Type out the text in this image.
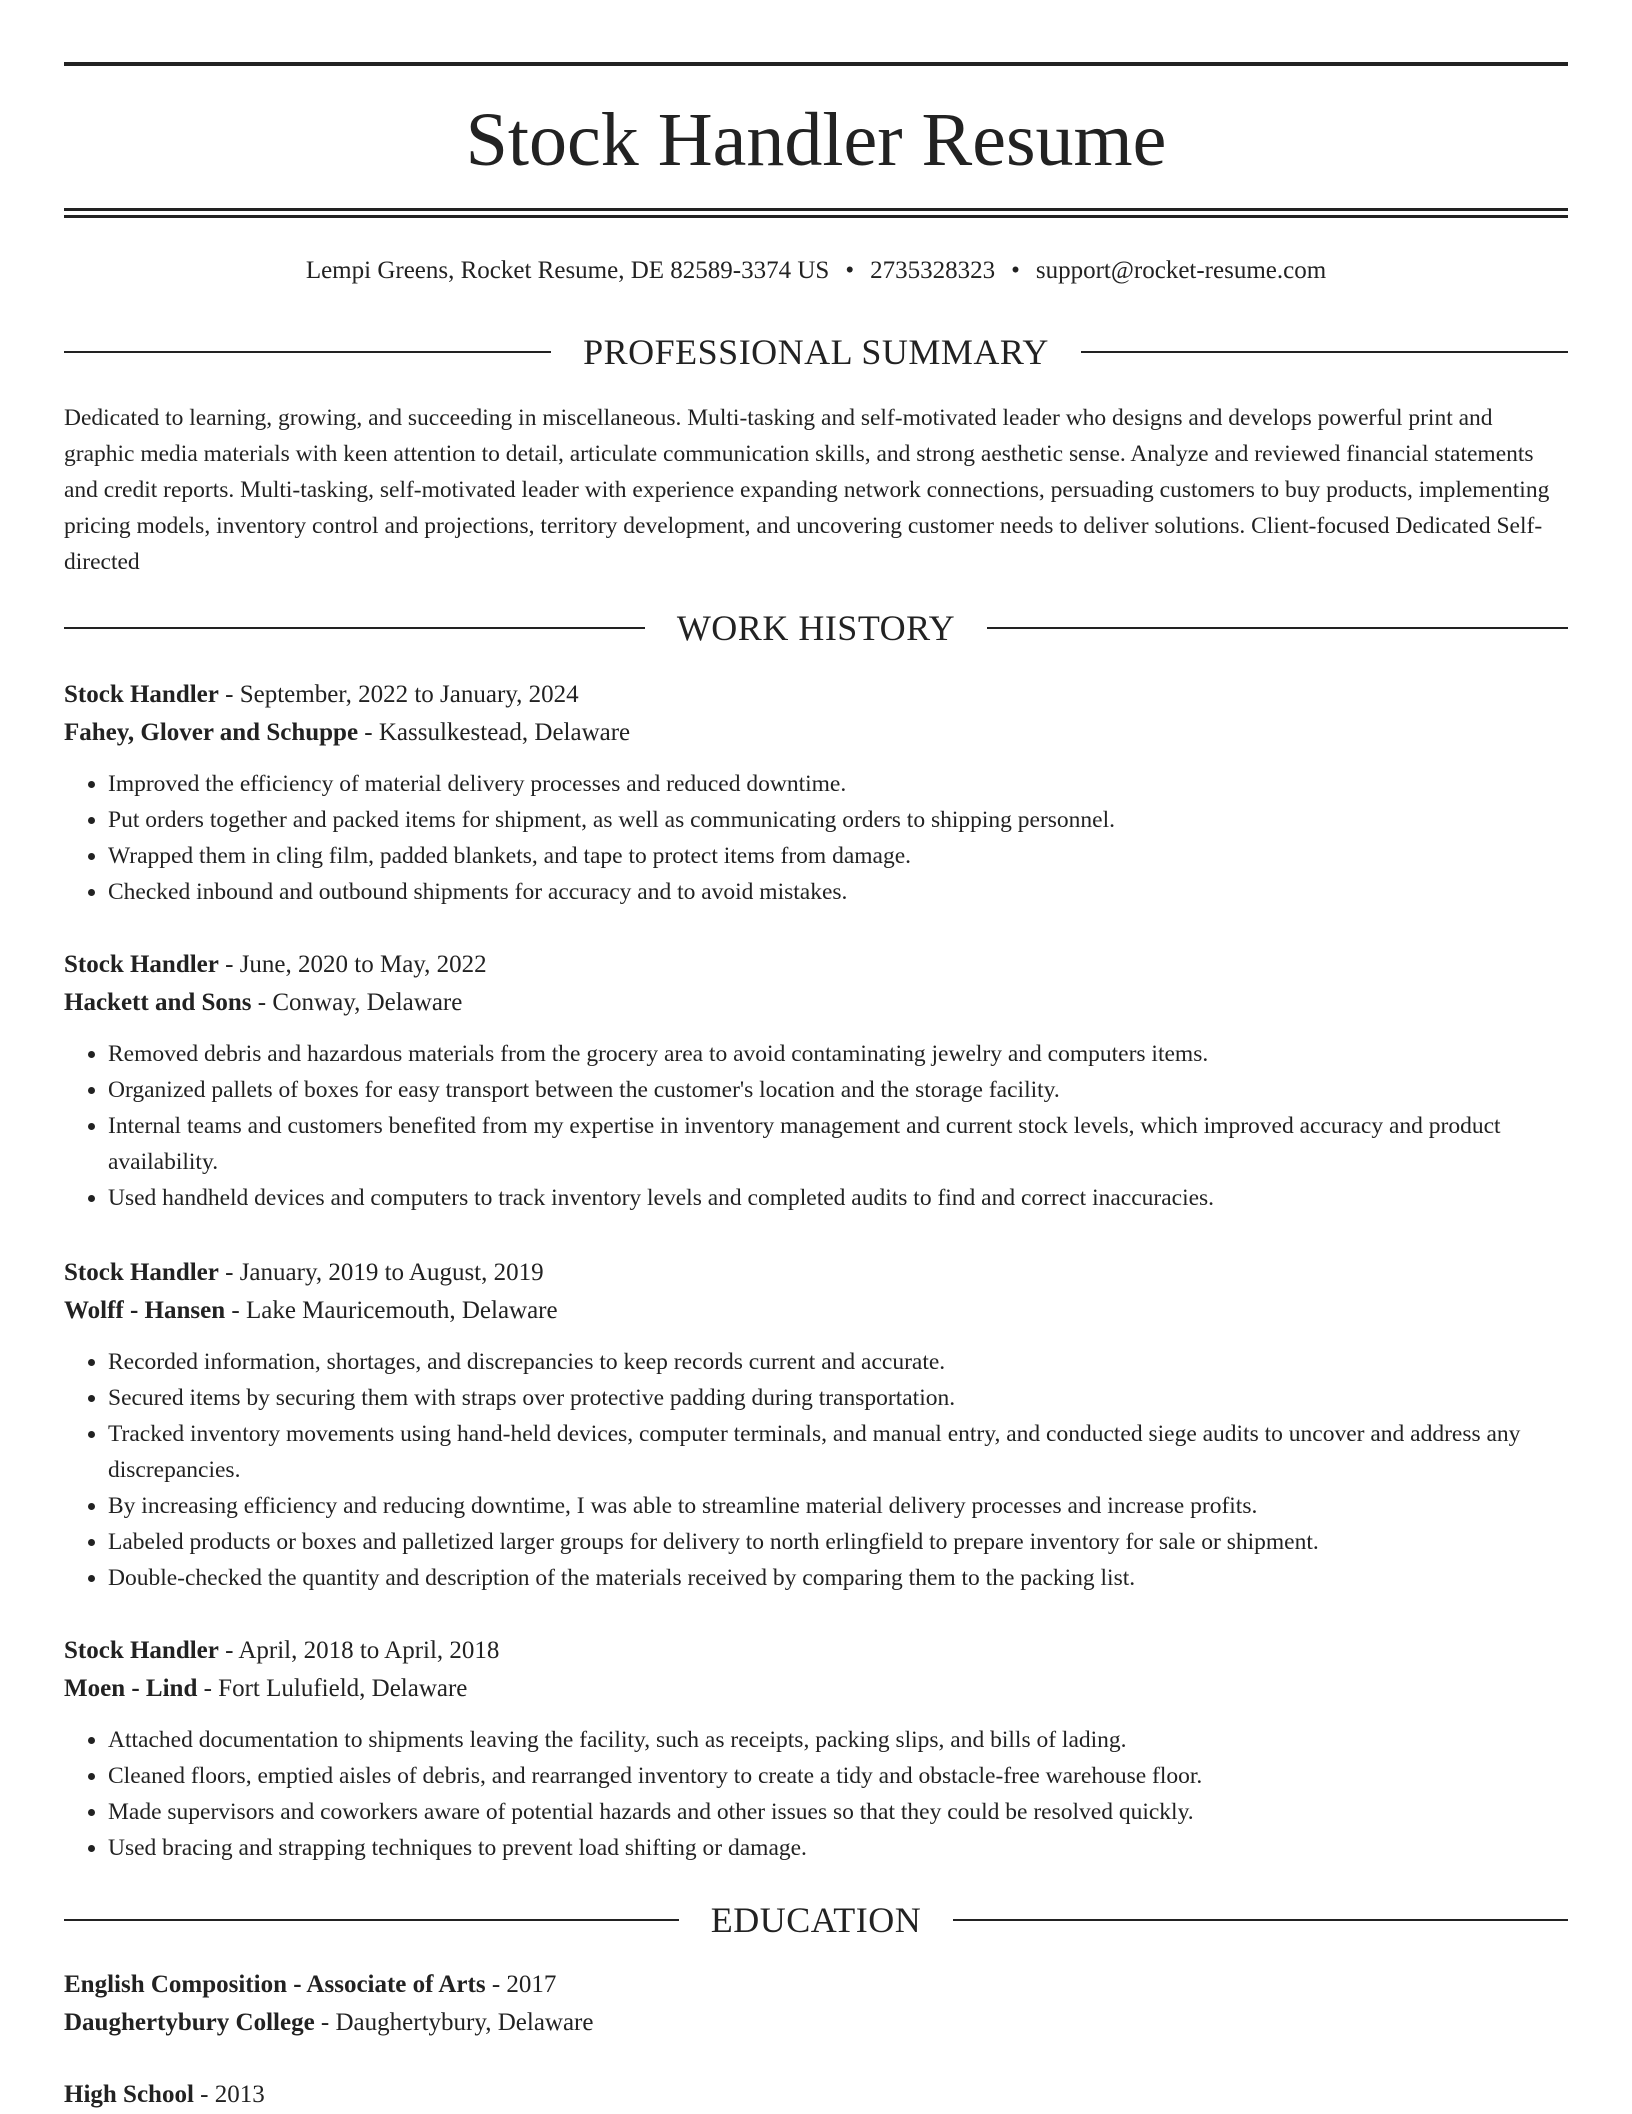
Stock Handler Resume
Lempi Greens, Rocket Resume, DE 82589-3374 US • 2735328323 • support@rocket-resume.com
PROFESSIONAL SUMMARY

Dedicated to learning, growing, and succeeding in miscellaneous. Multi-tasking and self-motivated leader who designs and develops powerful print and graphic media materials with keen attention to detail, articulate communication skills, and strong aesthetic sense. Analyze and reviewed financial statements and credit reports. Multi-tasking, self-motivated leader with experience expanding network connections, persuading customers to buy products, implementing pricing models, inventory control and projections, territory development, and uncovering customer needs to deliver solutions. Client-focused Dedicated Self-directed

WORK HISTORY

Stock Handler - September, 2022 to January, 2024

Fahey, Glover and Schuppe - Kassulkestead, Delaware

• Improved the efficiency of material delivery processes and reduced downtime.
• Put orders together and packed items for shipment, as well as communicating orders to shipping personnel.
• Wrapped them in cling film, padded blankets, and tape to protect items from damage.
• Checked inbound and outbound shipments for accuracy and to avoid mistakes.

Stock Handler - June, 2020 to May, 2022

Hackett and Sons - Conway, Delaware

• Removed debris and hazardous materials from the grocery area to avoid contaminating jewelry and computers items.
• Organized pallets of boxes for easy transport between the customer's location and the storage facility.
• Internal teams and customers benefited from my expertise in inventory management and current stock levels, which improved accuracy and product availability.
• Used handheld devices and computers to track inventory levels and completed audits to find and correct inaccuracies.

Stock Handler - January, 2019 to August, 2019

Wolff - Hansen - Lake Mauricemouth, Delaware

• Recorded information, shortages, and discrepancies to keep records current and accurate.
• Secured items by securing them with straps over protective padding during transportation.
• Tracked inventory movements using hand-held devices, computer terminals, and manual entry, and conducted siege audits to uncover and address any discrepancies.
• By increasing efficiency and reducing downtime, I was able to streamline material delivery processes and increase profits.
• Labeled products or boxes and palletized larger groups for delivery to north erlingfield to prepare inventory for sale or shipment.
• Double-checked the quantity and description of the materials received by comparing them to the packing list.

Stock Handler - April, 2018 to April, 2018

Moen - Lind - Fort Lulufield, Delaware

• Attached documentation to shipments leaving the facility, such as receipts, packing slips, and bills of lading.
• Cleaned floors, emptied aisles of debris, and rearranged inventory to create a tidy and obstacle-free warehouse floor.
• Made supervisors and coworkers aware of potential hazards and other issues so that they could be resolved quickly.
• Used bracing and strapping techniques to prevent load shifting or damage.
EDUCATION

English Composition - Associate of Arts - 2017

Daughertybury College - Daughertybury, Delaware

High School - 2013
